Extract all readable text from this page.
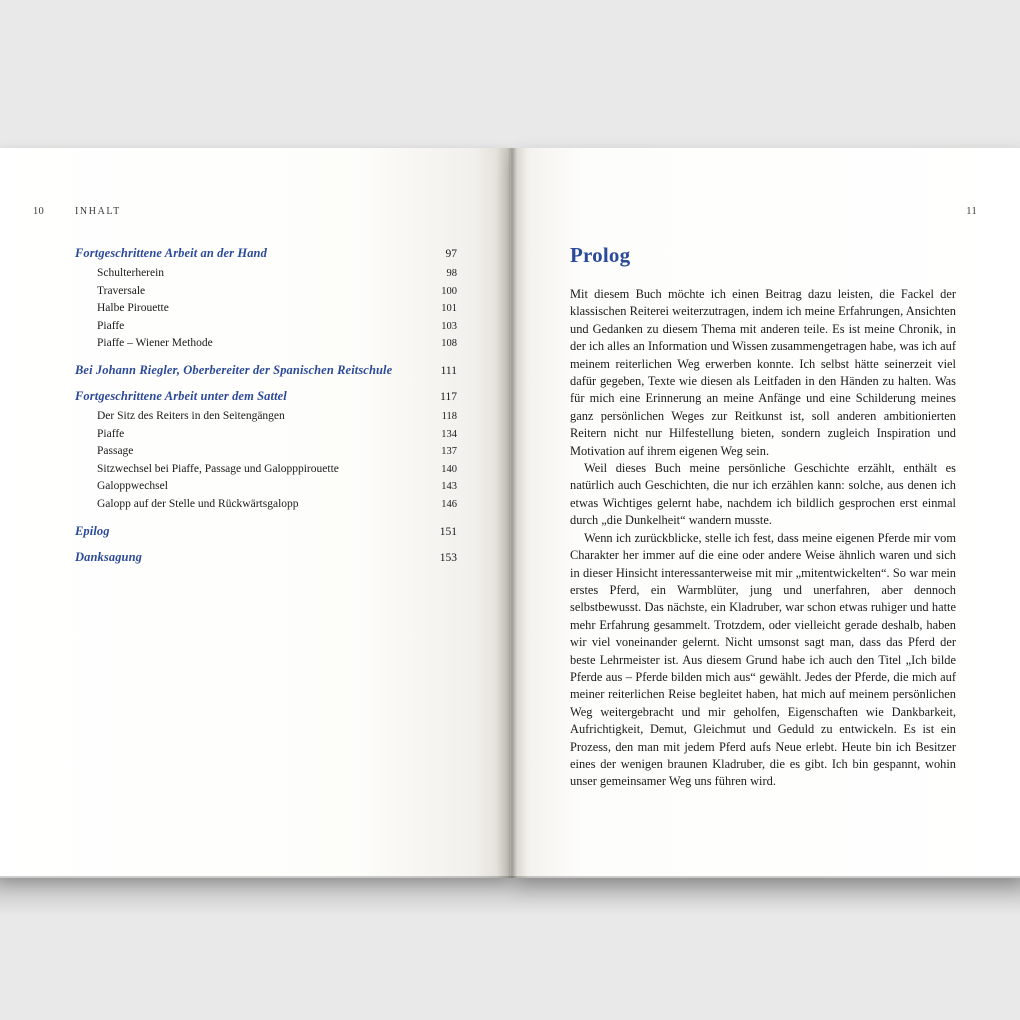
10	INHALT
Fortgeschrittene Arbeit an der Hand	97
Schulterherein	98
Traversale	100
Halbe Pirouette	101
Piaffe	103
Piaffe – Wiener Methode	108
Bei Johann Riegler, Oberbereiter der Spanischen Reitschule	111
Fortgeschrittene Arbeit unter dem Sattel	117
Der Sitz des Reiters in den Seitengängen	118
Piaffe	134
Passage	137
Sitzwechsel bei Piaffe, Passage und Galopppirouette	140
Galoppwechsel	143
Galopp auf der Stelle und Rückwärtsgalopp	146
Epilog	151
Danksagung	153
11
Prolog

Mit diesem Buch möchte ich einen Beitrag dazu leisten, die Fackel der klassischen Reiterei weiterzutragen, indem ich meine Erfahrungen, Ansichten und Gedanken zu diesem Thema mit anderen teile. Es ist meine Chronik, in der ich alles an Information und Wissen zusammengetragen habe, was ich auf meinem reiterlichen Weg erwerben konnte. Ich selbst hätte seinerzeit viel dafür gegeben, Texte wie diesen als Leitfaden in den Händen zu halten. Was für mich eine Erinnerung an meine Anfänge und eine Schilderung meines ganz persönlichen Weges zur Reitkunst ist, soll anderen ambitionierten Reitern nicht nur Hilfestellung bieten, sondern zugleich Inspiration und Motivation auf ihrem eigenen Weg sein.

Weil dieses Buch meine persönliche Geschichte erzählt, enthält es natürlich auch Geschichten, die nur ich erzählen kann: solche, aus denen ich etwas Wichtiges gelernt habe, nachdem ich bildlich gesprochen erst einmal durch „die Dunkelheit“ wandern musste.

Wenn ich zurückblicke, stelle ich fest, dass meine eigenen Pferde mir vom Charakter her immer auf die eine oder andere Weise ähnlich waren und sich in dieser Hinsicht interessanterweise mit mir „mitentwickelten“. So war mein erstes Pferd, ein Warmblüter, jung und unerfahren, aber dennoch selbstbewusst. Das nächste, ein Kladruber, war schon etwas ruhiger und hatte mehr Erfahrung gesammelt. Trotzdem, oder vielleicht gerade deshalb, haben wir viel voneinander gelernt. Nicht umsonst sagt man, dass das Pferd der beste Lehrmeister ist. Aus diesem Grund habe ich auch den Titel „Ich bilde Pferde aus – Pferde bilden mich aus“ gewählt. Jedes der Pferde, die mich auf meiner reiterlichen Reise begleitet haben, hat mich auf meinem persönlichen Weg weitergebracht und mir geholfen, Eigenschaften wie Dankbarkeit, Aufrichtigkeit, Demut, Gleichmut und Geduld zu entwickeln. Es ist ein Prozess, den man mit jedem Pferd aufs Neue erlebt. Heute bin ich Besitzer eines der wenigen braunen Kladruber, die es gibt. Ich bin gespannt, wohin unser gemeinsamer Weg uns führen wird.
